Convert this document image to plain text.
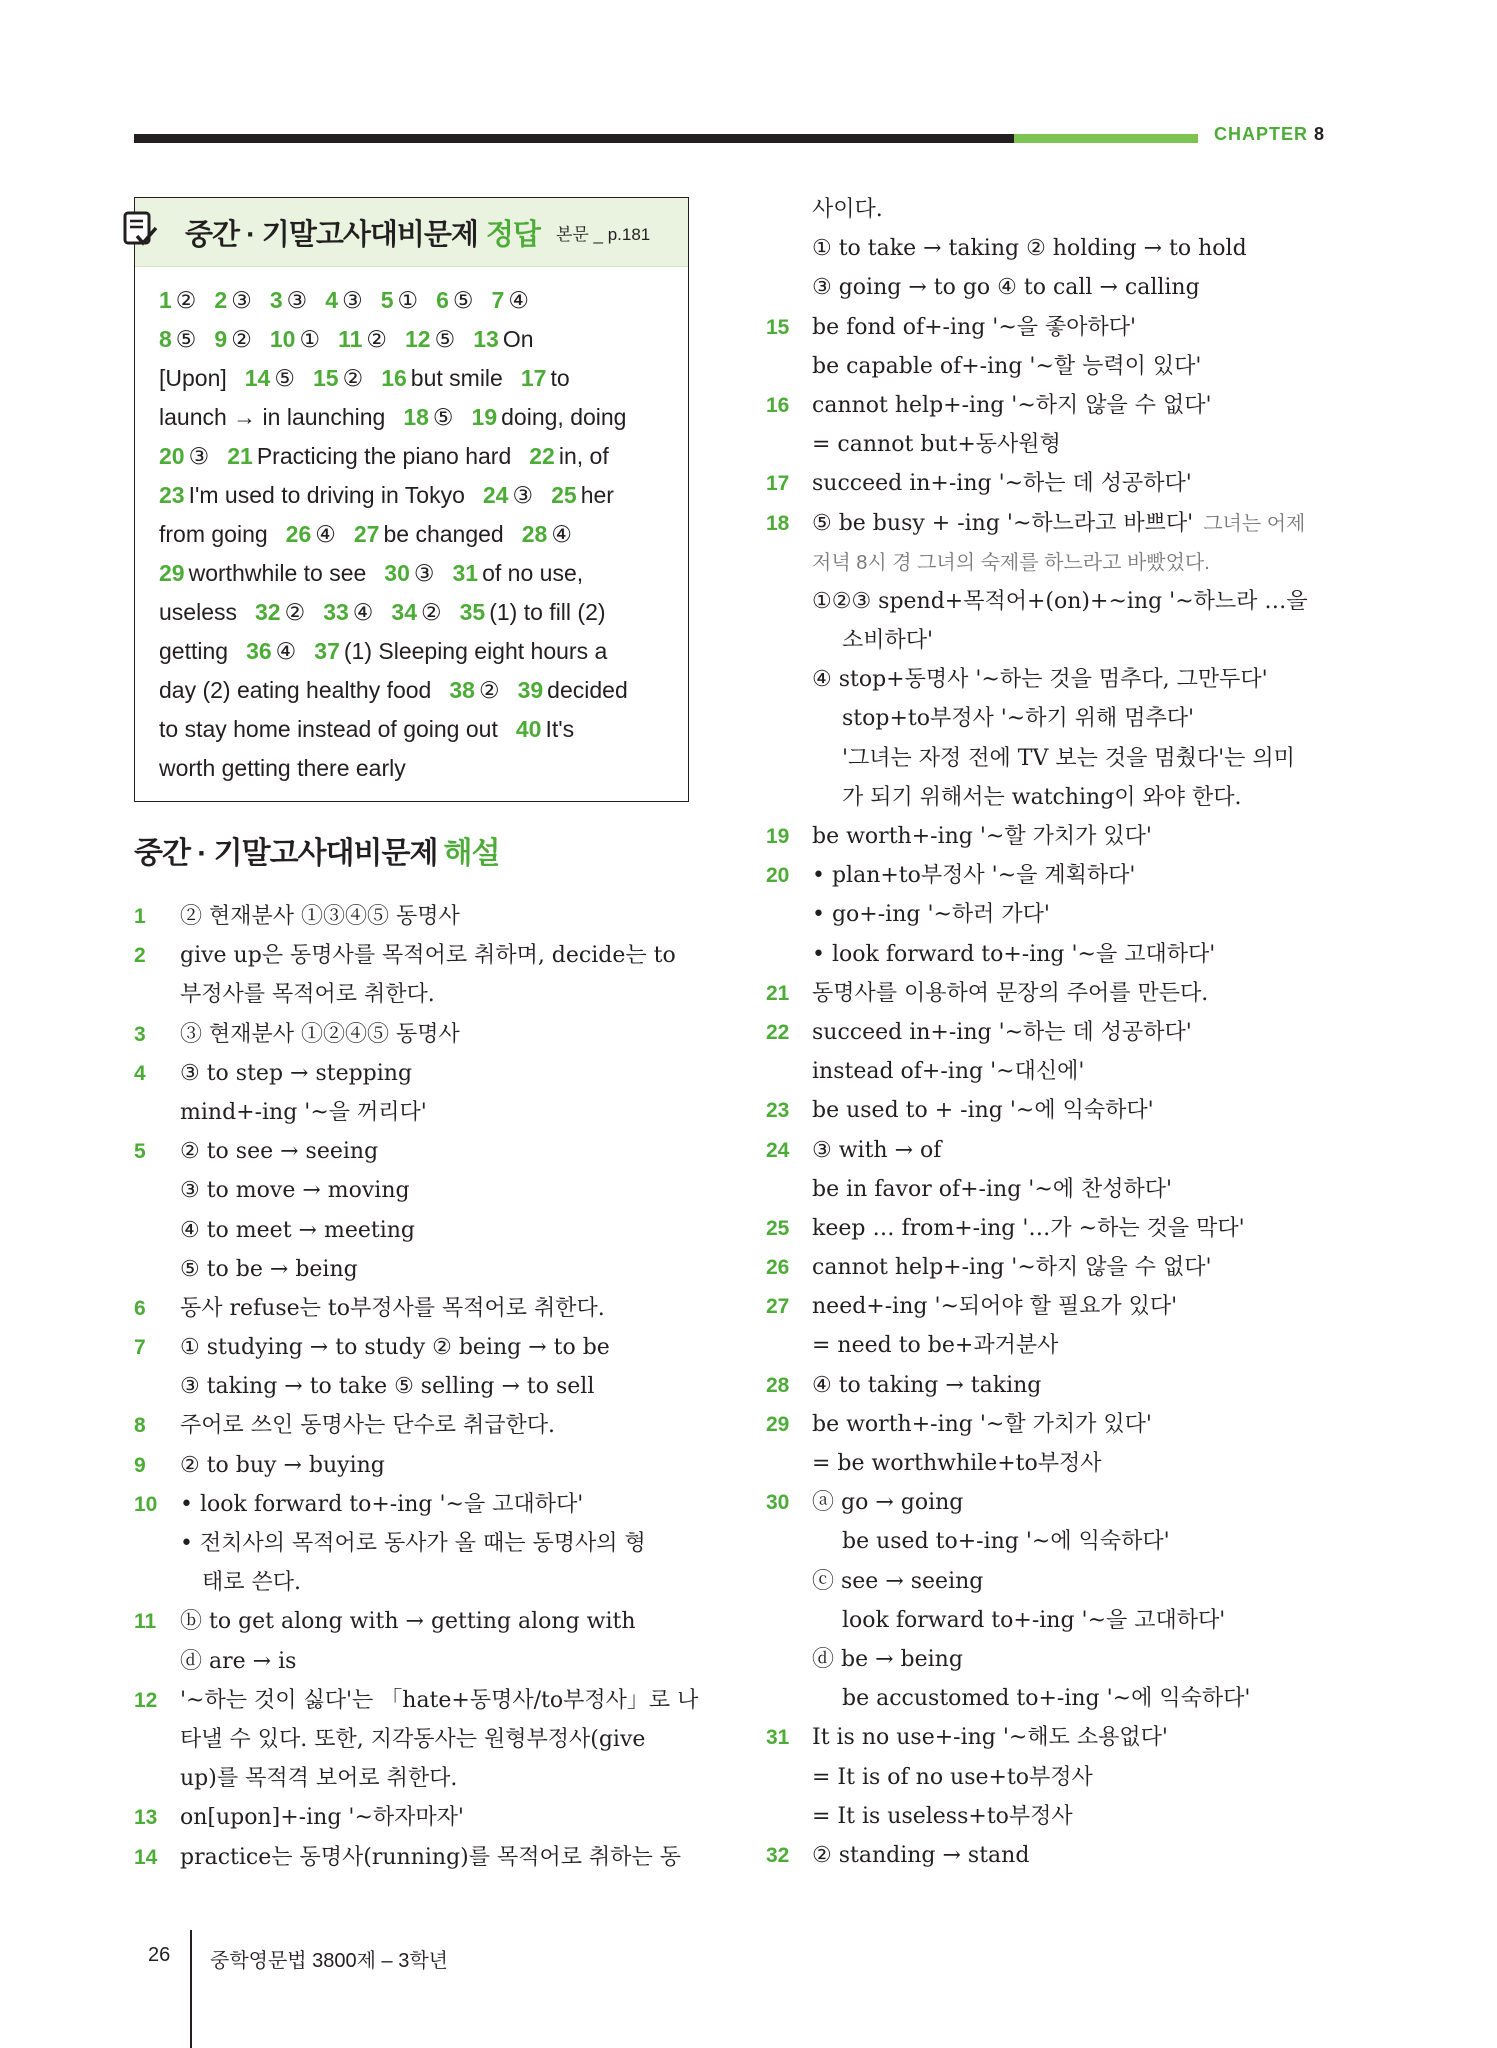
CHAPTER 8
중간 · 기말고사대비문제 정답 본문 _ p.181
1 ② 2 ③ 3 ③ 4 ③ 5 ① 6 ⑤ 7 ④
8 ⑤ 9 ② 10 ① 11 ② 12 ⑤ 13 On
[Upon] 14 ⑤ 15 ② 16 but smile 17 to
launch → in launching 18 ⑤ 19 doing, doing
20 ③ 21 Practicing the piano hard 22 in, of
23 I'm used to driving in Tokyo 24 ③ 25 her
from going 26 ④ 27 be changed 28 ④
29 worthwhile to see 30 ③ 31 of no use,
useless 32 ② 33 ④ 34 ② 35 (1) to fill (2)
getting 36 ④ 37 (1) Sleeping eight hours a
day (2) eating healthy food 38 ② 39 decided
to stay home instead of going out 40 It's
worth getting there early
중간 · 기말고사대비문제 해설
1 ② 현재분사 ①③④⑤ 동명사
2 give up은 동명사를 목적어로 취하며, decide는 to
부정사를 목적어로 취한다.
3 ③ 현재분사 ①②④⑤ 동명사
4 ③ to step → stepping
mind+-ing '~을 꺼리다'
5 ② to see → seeing
③ to move → moving
④ to meet → meeting
⑤ to be → being
6 동사 refuse는 to부정사를 목적어로 취한다.
7 ① studying → to study ② being → to be
③ taking → to take ⑤ selling → to sell
8 주어로 쓰인 동명사는 단수로 취급한다.
9 ② to buy → buying
10 • look forward to+-ing '~을 고대하다'
• 전치사의 목적어로 동사가 올 때는 동명사의 형
태로 쓴다.
11 ⓑ to get along with → getting along with
ⓓ are → is
12 '~하는 것이 싫다'는 「hate+동명사/to부정사」로 나
타낼 수 있다. 또한, 지각동사는 원형부정사(give
up)를 목적격 보어로 취한다.
13 on[upon]+-ing '~하자마자'
14 practice는 동명사(running)를 목적어로 취하는 동
사이다.
① to take → taking ② holding → to hold
③ going → to go ④ to call → calling
15 be fond of+-ing '~을 좋아하다'
be capable of+-ing '~할 능력이 있다'
16 cannot help+-ing '~하지 않을 수 없다'
= cannot but+동사원형
17 succeed in+-ing '~하는 데 성공하다'
18 ⑤ be busy + -ing '~하느라고 바쁘다' 그녀는 어제
저녁 8시 경 그녀의 숙제를 하느라고 바빴었다.
①②③ spend+목적어+(on)+~ing '~하느라 …을
소비하다'
④ stop+동명사 '~하는 것을 멈추다, 그만두다'
stop+to부정사 '~하기 위해 멈추다'
'그녀는 자정 전에 TV 보는 것을 멈췄다'는 의미
가 되기 위해서는 watching이 와야 한다.
19 be worth+-ing '~할 가치가 있다'
20 • plan+to부정사 '~을 계획하다'
• go+-ing '~하러 가다'
• look forward to+-ing '~을 고대하다'
21 동명사를 이용하여 문장의 주어를 만든다.
22 succeed in+-ing '~하는 데 성공하다'
instead of+-ing '~대신에'
23 be used to + -ing '~에 익숙하다'
24 ③ with → of
be in favor of+-ing '~에 찬성하다'
25 keep … from+-ing '…가 ~하는 것을 막다'
26 cannot help+-ing '~하지 않을 수 없다'
27 need+-ing '~되어야 할 필요가 있다'
= need to be+과거분사
28 ④ to taking → taking
29 be worth+-ing '~할 가치가 있다'
= be worthwhile+to부정사
30 ⓐ go → going
be used to+-ing '~에 익숙하다'
ⓒ see → seeing
look forward to+-ing '~을 고대하다'
ⓓ be → being
be accustomed to+-ing '~에 익숙하다'
31 It is no use+-ing '~해도 소용없다'
= It is of no use+to부정사
= It is useless+to부정사
32 ② standing → stand
26 중학영문법 3800제 – 3학년
